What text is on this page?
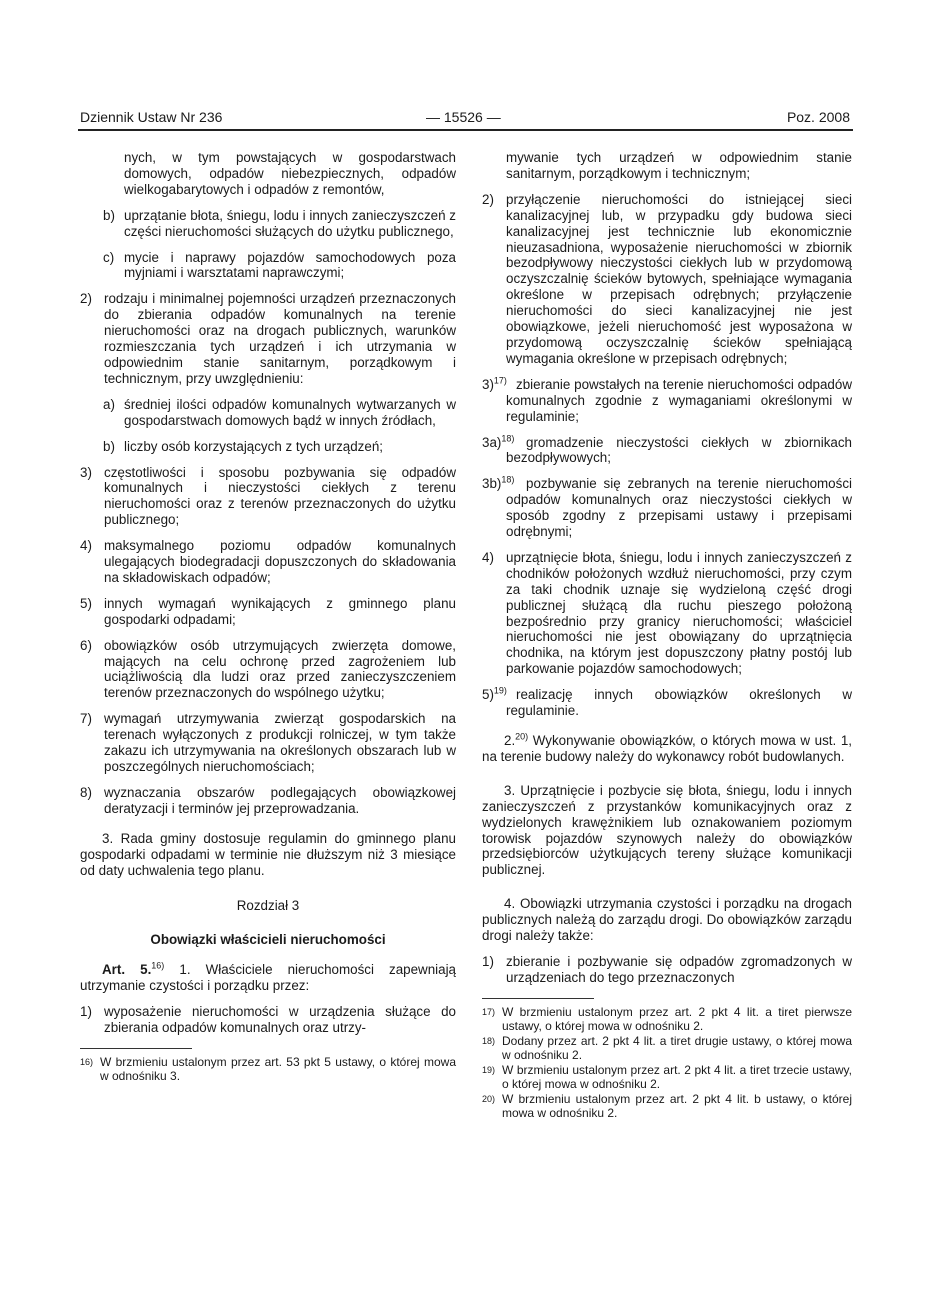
Dziennik Ustaw Nr 236	— 15526 —	Poz. 2008

nych, w tym powstających w gospodarstwach domowych, odpadów niebezpiecznych, odpadów wielkogabarytowych i odpadów z remontów,

b) uprzątanie błota, śniegu, lodu i innych zanieczyszczeń z części nieruchomości służących do użytku publicznego,
c) mycie i naprawy pojazdów samochodowych poza myjniami i warsztatami naprawczymi;
2) rodzaju i minimalnej pojemności urządzeń przeznaczonych do zbierania odpadów komunalnych na terenie nieruchomości oraz na drogach publicznych, warunków rozmieszczania tych urządzeń i ich utrzymania w odpowiednim stanie sanitarnym, porządkowym i technicznym, przy uwzględnieniu:
a) średniej ilości odpadów komunalnych wytwarzanych w gospodarstwach domowych bądź w innych źródłach,
b) liczby osób korzystających z tych urządzeń;
3) częstotliwości i sposobu pozbywania się odpadów komunalnych i nieczystości ciekłych z terenu nieruchomości oraz z terenów przeznaczonych do użytku publicznego;
4) maksymalnego poziomu odpadów komunalnych ulegających biodegradacji dopuszczonych do składowania na składowiskach odpadów;
5) innych wymagań wynikających z gminnego planu gospodarki odpadami;
6) obowiązków osób utrzymujących zwierzęta domowe, mających na celu ochronę przed zagrożeniem lub uciążliwością dla ludzi oraz przed zanieczyszczeniem terenów przeznaczonych do wspólnego użytku;
7) wymagań utrzymywania zwierząt gospodarskich na terenach wyłączonych z produkcji rolniczej, w tym także zakazu ich utrzymywania na określonych obszarach lub w poszczególnych nieruchomościach;
8) wyznaczania obszarów podlegających obowiązkowej deratyzacji i terminów jej przeprowadzania.

3. Rada gminy dostosuje regulamin do gminnego planu gospodarki odpadami w terminie nie dłuższym niż 3 miesiące od daty uchwalenia tego planu.

Rozdział 3

Obowiązki właścicieli nieruchomości

Art. 5.$^{16)}$ 1. Właściciele nieruchomości zapewniają utrzymanie czystości i porządku przez:

1) wyposażenie nieruchomości w urządzenia służące do zbierania odpadów komunalnych oraz utrzy-

16) W brzmieniu ustalonym przez art. 53 pkt 5 ustawy, o której mowa w odnośniku 3.

mywanie tych urządzeń w odpowiednim stanie sanitarnym, porządkowym i technicznym;

2) przyłączenie nieruchomości do istniejącej sieci kanalizacyjnej lub, w przypadku gdy budowa sieci kanalizacyjnej jest technicznie lub ekonomicznie nieuzasadniona, wyposażenie nieruchomości w zbiornik bezodpływowy nieczystości ciekłych lub w przydomową oczyszczalnię ścieków bytowych, spełniające wymagania określone w przepisach odrębnych; przyłączenie nieruchomości do sieci kanalizacyjnej nie jest obowiązkowe, jeżeli nieruchomość jest wyposażona w przydomową oczyszczalnię ścieków spełniającą wymagania określone w przepisach odrębnych;
3)$^{17)}$ zbieranie powstałych na terenie nieruchomości odpadów komunalnych zgodnie z wymaganiami określonymi w regulaminie;
3a)$^{18)}$ gromadzenie nieczystości ciekłych w zbiornikach bezodpływowych;
3b)$^{18)}$ pozbywanie się zebranych na terenie nieruchomości odpadów komunalnych oraz nieczystości ciekłych w sposób zgodny z przepisami ustawy i przepisami odrębnymi;
4) uprzątnięcie błota, śniegu, lodu i innych zanieczyszczeń z chodników położonych wzdłuż nieruchomości, przy czym za taki chodnik uznaje się wydzieloną część drogi publicznej służącą dla ruchu pieszego położoną bezpośrednio przy granicy nieruchomości; właściciel nieruchomości nie jest obowiązany do uprzątnięcia chodnika, na którym jest dopuszczony płatny postój lub parkowanie pojazdów samochodowych;
5)$^{19)}$ realizację innych obowiązków określonych w regulaminie.

2.$^{20)}$ Wykonywanie obowiązków, o których mowa w ust. 1, na terenie budowy należy do wykonawcy robót budowlanych.

3. Uprzątnięcie i pozbycie się błota, śniegu, lodu i innych zanieczyszczeń z przystanków komunikacyjnych oraz z wydzielonych krawężnikiem lub oznakowaniem poziomym torowisk pojazdów szynowych należy do obowiązków przedsiębiorców użytkujących tereny służące komunikacji publicznej.

4. Obowiązki utrzymania czystości i porządku na drogach publicznych należą do zarządu drogi. Do obowiązków zarządu drogi należy także:

1) zbieranie i pozbywanie się odpadów zgromadzonych w urządzeniach do tego przeznaczonych

17) W brzmieniu ustalonym przez art. 2 pkt 4 lit. a tiret pierwsze ustawy, o której mowa w odnośniku 2.

18) Dodany przez art. 2 pkt 4 lit. a tiret drugie ustawy, o której mowa w odnośniku 2.

19) W brzmieniu ustalonym przez art. 2 pkt 4 lit. a tiret trzecie ustawy, o której mowa w odnośniku 2.

20) W brzmieniu ustalonym przez art. 2 pkt 4 lit. b ustawy, o której mowa w odnośniku 2.
